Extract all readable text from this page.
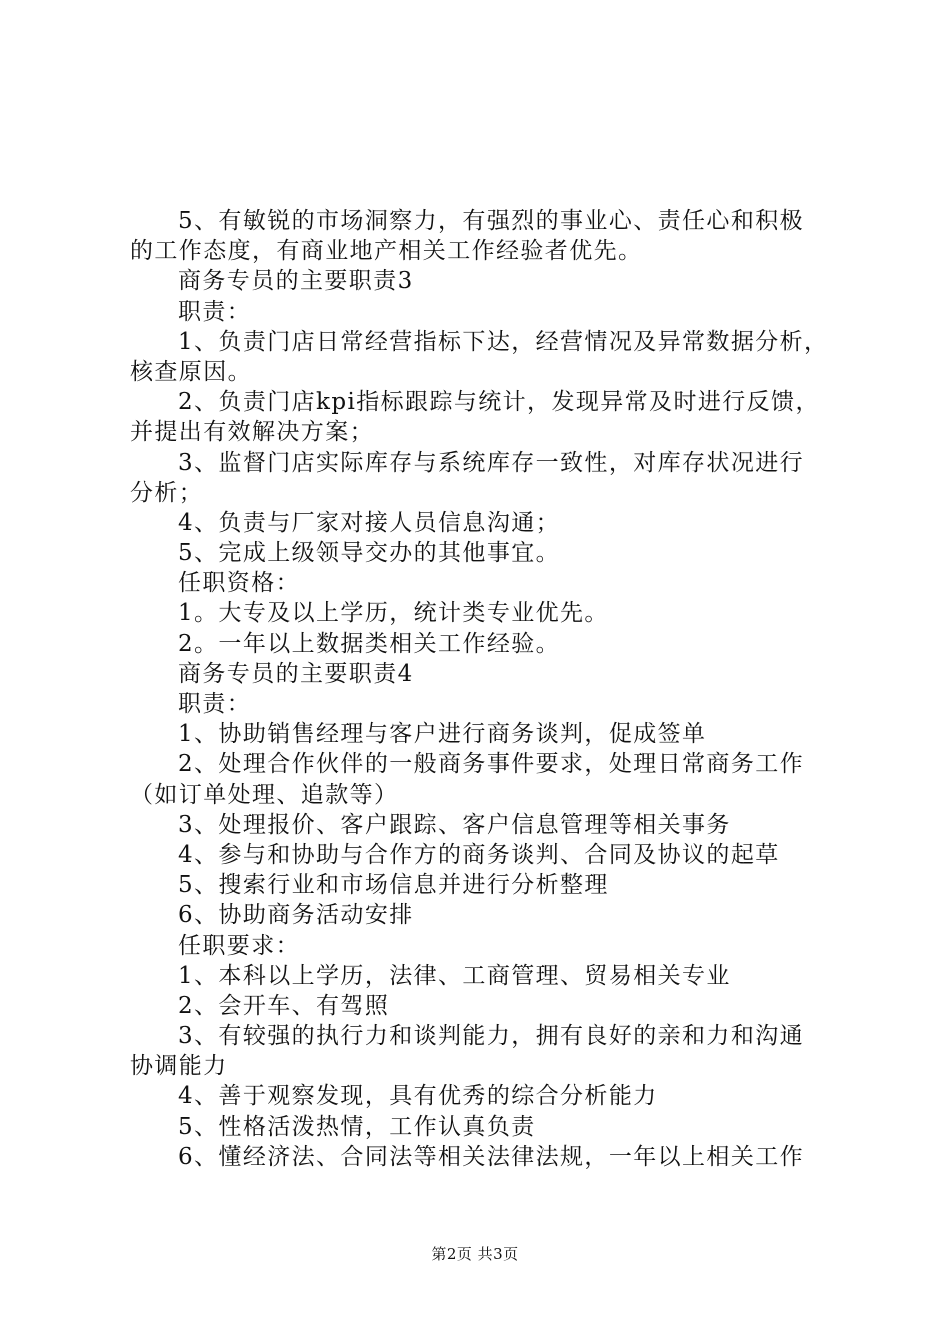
5、有敏锐的市场洞察力，有强烈的事业心、责任心和积极
的工作态度，有商业地产相关工作经验者优先。
商务专员的主要职责3
职责：
1、负责门店日常经营指标下达，经营情况及异常数据分析，
核查原因。
2、负责门店kpi指标跟踪与统计，发现异常及时进行反馈，
并提出有效解决方案；
3、监督门店实际库存与系统库存一致性，对库存状况进行
分析；
4、负责与厂家对接人员信息沟通；
5、完成上级领导交办的其他事宜。
任职资格：
1。大专及以上学历，统计类专业优先。
2。一年以上数据类相关工作经验。
商务专员的主要职责4
职责：
1、协助销售经理与客户进行商务谈判，促成签单
2、处理合作伙伴的一般商务事件要求，处理日常商务工作
（如订单处理、追款等）
3、处理报价、客户跟踪、客户信息管理等相关事务
4、参与和协助与合作方的商务谈判、合同及协议的起草
5、搜索行业和市场信息并进行分析整理
6、协助商务活动安排
任职要求：
1、本科以上学历，法律、工商管理、贸易相关专业
2、会开车、有驾照
3、有较强的执行力和谈判能力，拥有良好的亲和力和沟通
协调能力
4、善于观察发现，具有优秀的综合分析能力
5、性格活泼热情，工作认真负责
6、懂经济法、合同法等相关法律法规，一年以上相关工作
第2页 共3页
